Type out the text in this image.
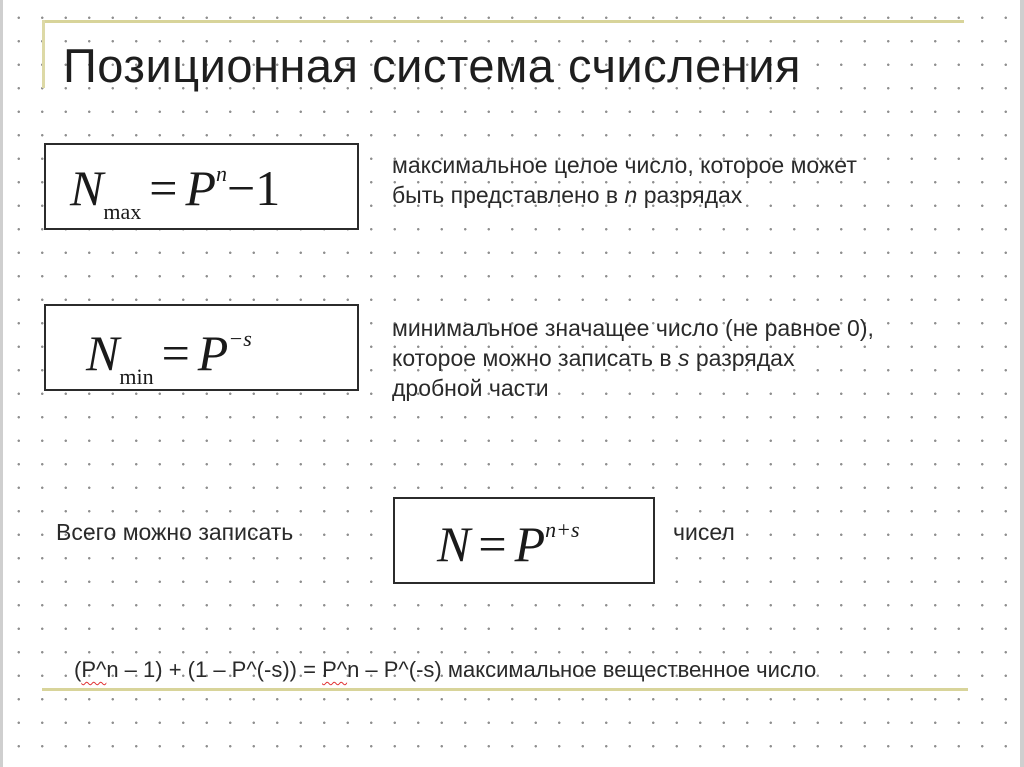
Позиционная система счисления
$N_{max} = P^n-1$	максимальное целое число, которое может
быть представлено в n разрядах
$N_{min} = P^{-s}$	минимальное значащее число (не равное 0),
которое можно записать в s разрядах
дробной части
Всего можно записать	$N = P^{n+s}$	чисел
(P^n – 1) + (1 – P^(-s)) = P^n – P^(-s) максимальное вещественное число
